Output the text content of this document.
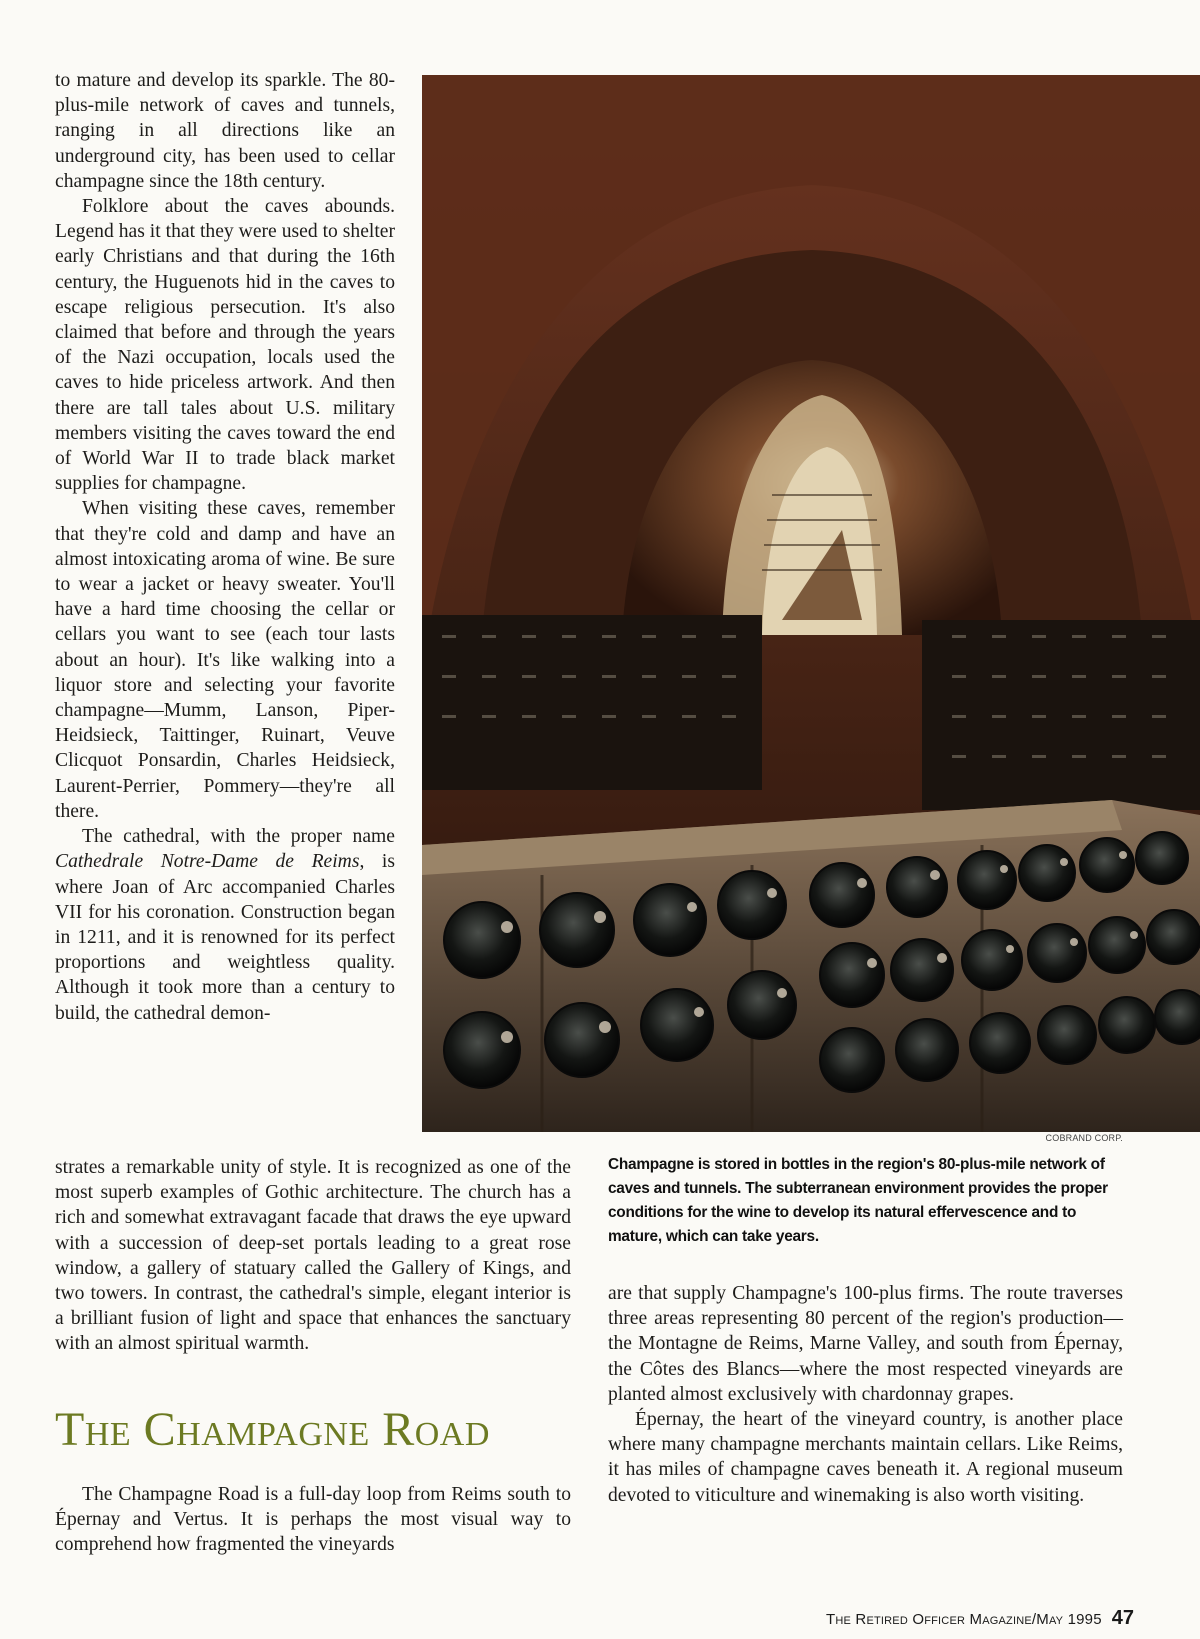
to mature and develop its sparkle. The 80-plus-mile network of caves and tunnels, ranging in all directions like an underground city, has been used to cellar champagne since the 18th century.

Folklore about the caves abounds. Legend has it that they were used to shelter early Christians and that during the 16th century, the Huguenots hid in the caves to escape religious persecution. It's also claimed that before and through the years of the Nazi occupation, locals used the caves to hide priceless artwork. And then there are tall tales about U.S. military members visiting the caves toward the end of World War II to trade black market supplies for champagne.

When visiting these caves, remember that they're cold and damp and have an almost intoxicating aroma of wine. Be sure to wear a jacket or heavy sweater. You'll have a hard time choosing the cellar or cellars you want to see (each tour lasts about an hour). It's like walking into a liquor store and selecting your favorite champagne—Mumm, Lanson, Piper-Heidsieck, Taittinger, Ruinart, Veuve Clicquot Ponsardin, Charles Heidsieck, Laurent-Perrier, Pommery—they're all there.

The cathedral, with the proper name Cathedrale Notre-Dame de Reims, is where Joan of Arc accompanied Charles VII for his coronation. Construction began in 1211, and it is renowned for its perfect proportions and weightless quality. Although it took more than a century to build, the cathedral demon-

COBRAND CORP.
Champagne is stored in bottles in the region's 80-plus-mile network of caves and tunnels. The subterranean environment provides the proper conditions for the wine to develop its natural effervescence and to mature, which can take years.

strates a remarkable unity of style. It is recognized as one of the most superb examples of Gothic architecture. The church has a rich and somewhat extravagant facade that draws the eye upward with a succession of deep-set portals leading to a great rose window, a gallery of statuary called the Gallery of Kings, and two towers. In contrast, the cathedral's simple, elegant interior is a brilliant fusion of light and space that enhances the sanctuary with an almost spiritual warmth.

The Champagne Road

The Champagne Road is a full-day loop from Reims south to Épernay and Vertus. It is perhaps the most visual way to comprehend how fragmented the vineyards

are that supply Champagne's 100-plus firms. The route traverses three areas representing 80 percent of the region's production—the Montagne de Reims, Marne Valley, and south from Épernay, the Côtes des Blancs—where the most respected vineyards are planted almost exclusively with chardonnay grapes.

Épernay, the heart of the vineyard country, is another place where many champagne merchants maintain cellars. Like Reims, it has miles of champagne caves beneath it. A regional museum devoted to viticulture and winemaking is also worth visiting.

The Retired Officer Magazine/May 1995 47
